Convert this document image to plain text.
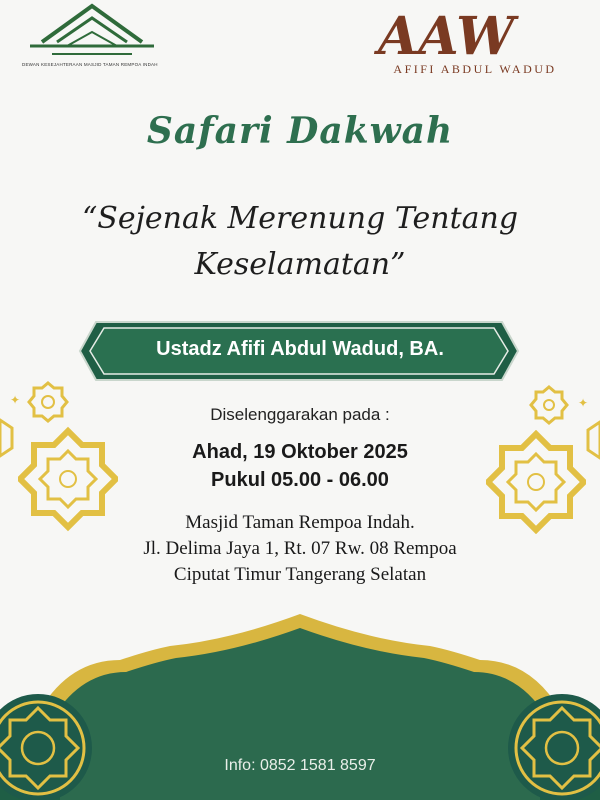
DEWAN KESEJAHTERAAN MASJID TAMAN REMPOA INDAH	AAW
AFIFI ABDUL WADUD
Safari Dakwah
“Sejenak Merenung Tentang
Keselamatan”
Ustadz Afifi Abdul Wadud, BA.
Diselenggarakan pada :
Ahad, 19 Oktober 2025
Pukul 05.00 - 06.00
Masjid Taman Rempoa Indah.
Jl. Delima Jaya 1, Rt. 07 Rw. 08 Rempoa
Ciputat Timur Tangerang Selatan
✦	✦
Info: 0852 1581 8597
